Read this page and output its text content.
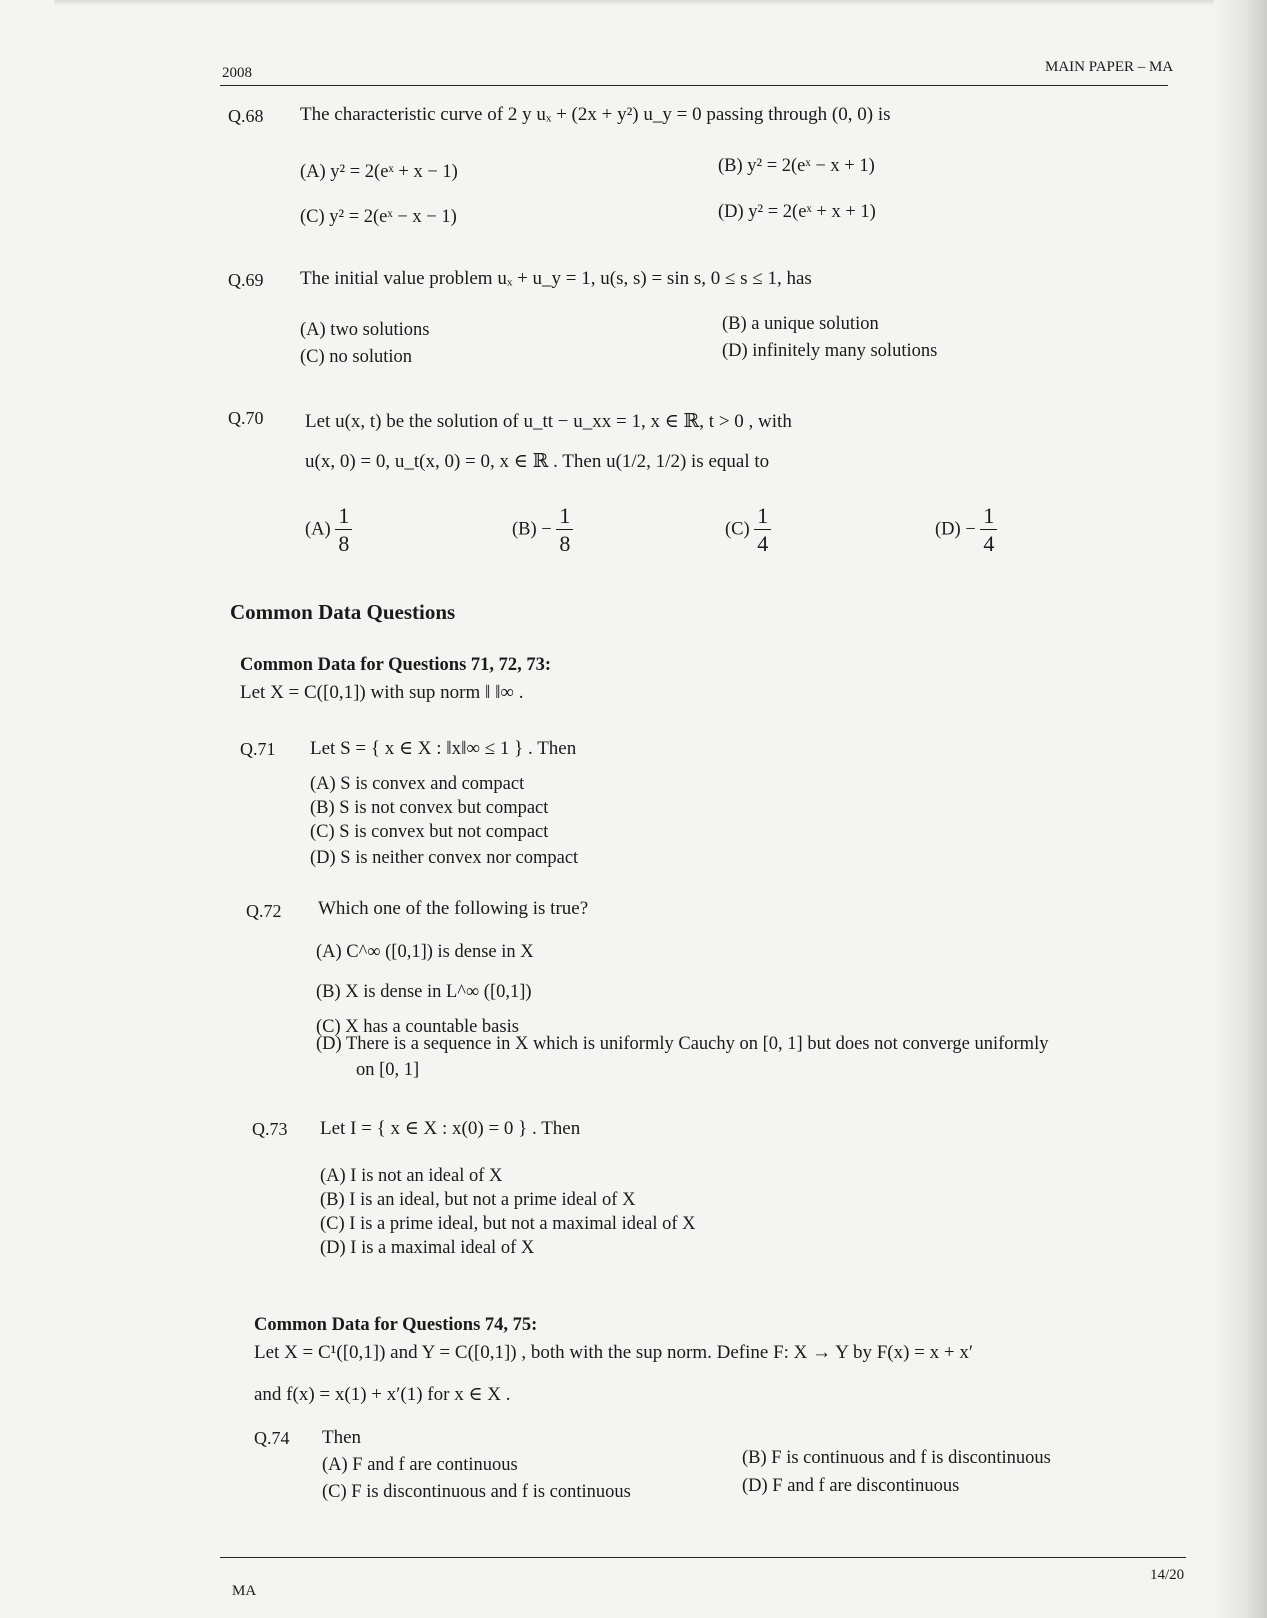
2008	MAIN PAPER – MA
Q.68 The characteristic curve of 2 y uₓ + (2x + y²) u_y = 0 passing through (0, 0) is
(A) y² = 2(eˣ + x − 1)	(B) y² = 2(eˣ − x + 1)
(C) y² = 2(eˣ − x − 1)	(D) y² = 2(eˣ + x + 1)
Q.69 The initial value problem uₓ + u_y = 1, u(s, s) = sin s, 0 ≤ s ≤ 1, has
(A) two solutions	(B) a unique solution
(C) no solution	(D) infinitely many solutions
Q.70 Let u(x, t) be the solution of u_tt − u_xx = 1, x ∈ ℝ, t > 0 , with
u(x, 0) = 0, u_t(x, 0) = 0, x ∈ ℝ . Then u(1/2, 1/2) is equal to
$(A) \frac{1}{8}$	$(B) - \frac{1}{8}$	$(C) \frac{1}{4}$	$(D) - \frac{1}{4}$
Common Data Questions
Common Data for Questions 71, 72, 73:
Let X = C([0,1]) with sup norm ‖ ‖∞ .
Q.71 Let S = { x ∈ X : ‖x‖∞ ≤ 1 } . Then
(A) S is convex and compact
(B) S is not convex but compact
(C) S is convex but not compact
(D) S is neither convex nor compact
Q.72 Which one of the following is true?
(A) C^∞ ([0,1]) is dense in X
(B) X is dense in L^∞ ([0,1])
(C) X has a countable basis
(D) There is a sequence in X which is uniformly Cauchy on [0, 1] but does not converge uniformly
on [0, 1]
Q.73 Let I = { x ∈ X : x(0) = 0 } . Then
(A) I is not an ideal of X
(B) I is an ideal, but not a prime ideal of X
(C) I is a prime ideal, but not a maximal ideal of X
(D) I is a maximal ideal of X
Common Data for Questions 74, 75:
Let X = C¹([0,1]) and Y = C([0,1]) , both with the sup norm. Define F: X → Y by F(x) = x + x′
and f(x) = x(1) + x′(1) for x ∈ X .
Q.74 Then
(A) F and f are continuous	(B) F is continuous and f is discontinuous
(C) F is discontinuous and f is continuous	(D) F and f are discontinuous
MA
14/20
